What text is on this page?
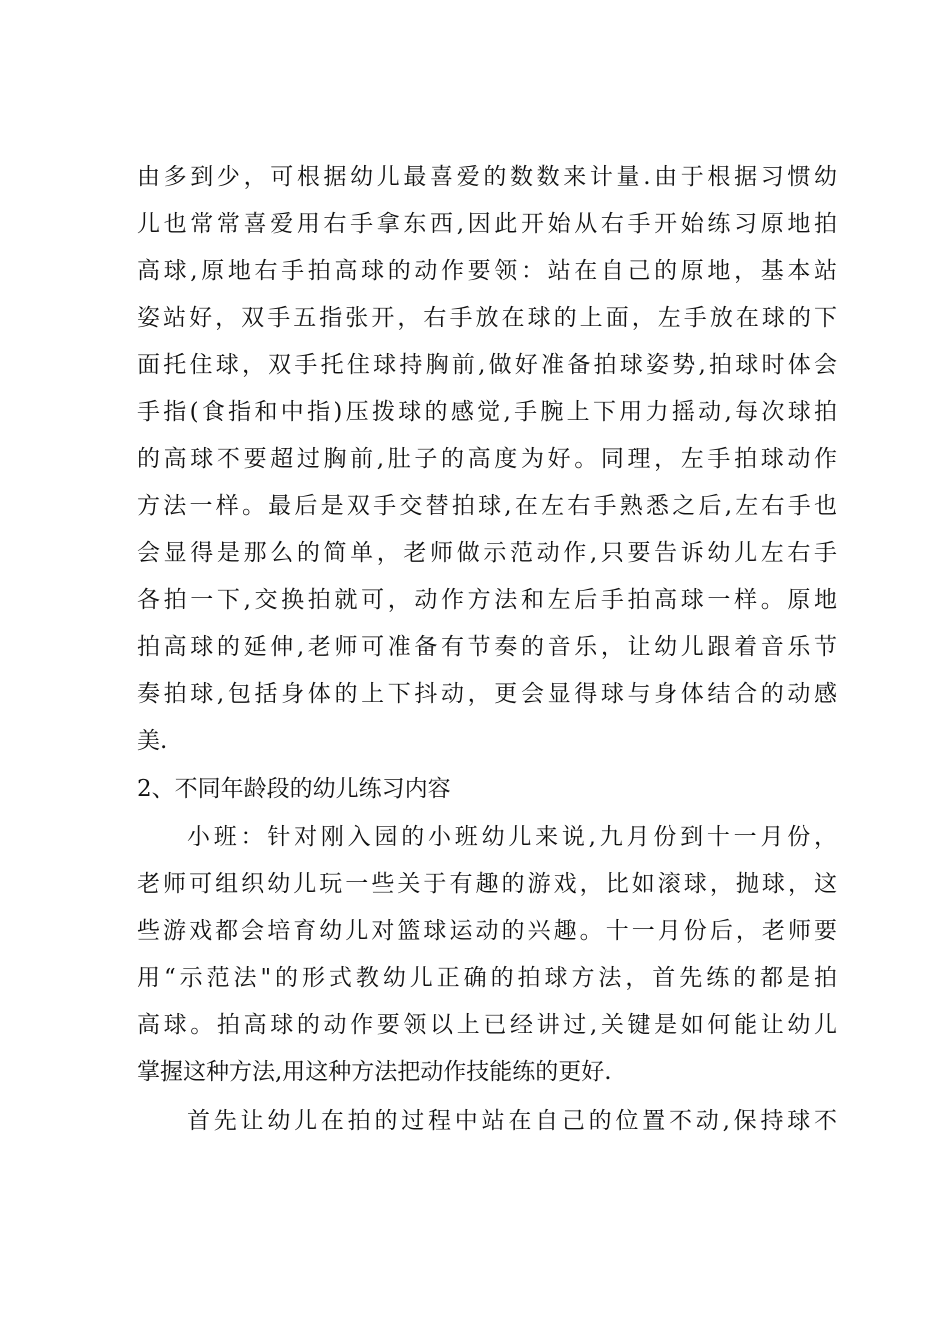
由多到少，可根据幼儿最喜爱的数数来计量.由于根据习惯幼
儿也常常喜爱用右手拿东西,因此开始从右手开始练习原地拍
高球,原地右手拍高球的动作要领：站在自己的原地，基本站
姿站好，双手五指张开，右手放在球的上面，左手放在球的下
面托住球，双手托住球持胸前,做好准备拍球姿势,拍球时体会
手指(食指和中指)压拨球的感觉,手腕上下用力摇动,每次球拍
的高球不要超过胸前,肚子的高度为好。同理，左手拍球动作
方法一样。最后是双手交替拍球,在左右手熟悉之后,左右手也
会显得是那么的简单，老师做示范动作,只要告诉幼儿左右手
各拍一下,交换拍就可，动作方法和左后手拍高球一样。原地
拍高球的延伸,老师可准备有节奏的音乐，让幼儿跟着音乐节
奏拍球,包括身体的上下抖动，更会显得球与身体结合的动感
美.
2、不同年龄段的幼儿练习内容
小班：针对刚入园的小班幼儿来说,九月份到十一月份，
老师可组织幼儿玩一些关于有趣的游戏，比如滚球，抛球，这
些游戏都会培育幼儿对篮球运动的兴趣。十一月份后，老师要
用“示范法"的形式教幼儿正确的拍球方法，首先练的都是拍
高球。拍高球的动作要领以上已经讲过,关键是如何能让幼儿
掌握这种方法,用这种方法把动作技能练的更好.
首先让幼儿在拍的过程中站在自己的位置不动,保持球不
